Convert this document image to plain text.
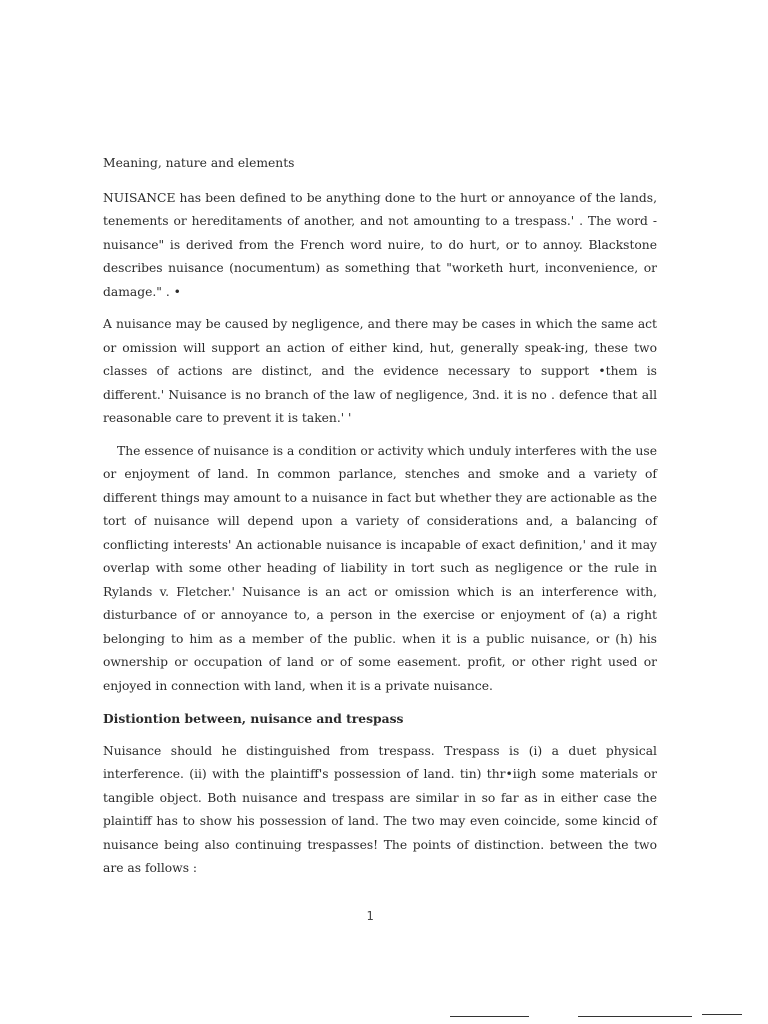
Meaning, nature and elements

NUISANCE has been defined to be anything done to the hurt or annoyance of the lands, tenements or hereditaments of another, and not amounting to a trespass.' . The word - nuisance" is derived from the French word nuire, to do hurt, or to annoy. Blackstone describes nuisance (nocumentum) as something that "worketh hurt, inconvenience, or damage." . •

A nuisance may be caused by negligence, and there may be cases in which the same act or omission will support an action of either kind, hut, generally speak-ing, these two classes of actions are distinct, and the evidence necessary to support •them is different.' Nuisance is no branch of the law of negligence, 3nd. it is no . defence that all reasonable care to prevent it is taken.' '

The essence of nuisance is a condition or activity which unduly interferes with the use or enjoyment of land. In common parlance, stenches and smoke and a variety of different things may amount to a nuisance in fact but whether they are actionable as the tort of nuisance will depend upon a variety of considerations and, a balancing of conflicting interests' An actionable nuisance is incapable of exact definition,' and it may overlap with some other heading of liability in tort such as negligence or the rule in Rylands v. Fletcher.' Nuisance is an act or omission which is an interference with, disturbance of or annoyance to, a person in the exercise or enjoyment of (a) a right belonging to him as a member of the public. when it is a public nuisance, or (h) his ownership or occupation of land or of some easement. profit, or other right used or enjoyed in connection with land, when it is a private nuisance.

Distiontion between, nuisance and trespass

Nuisance should he distinguished from trespass. Trespass is (i) a duet physical interference. (ii) with the plaintiff's possession of land. tin) thr•iigh some materials or tangible object. Both nuisance and trespass are similar in so far as in either case the plaintiff has to show his possession of land. The two may even coincide, some kincid of nuisance being also continuing trespasses! The points of distinction. between the two are as follows :

1
